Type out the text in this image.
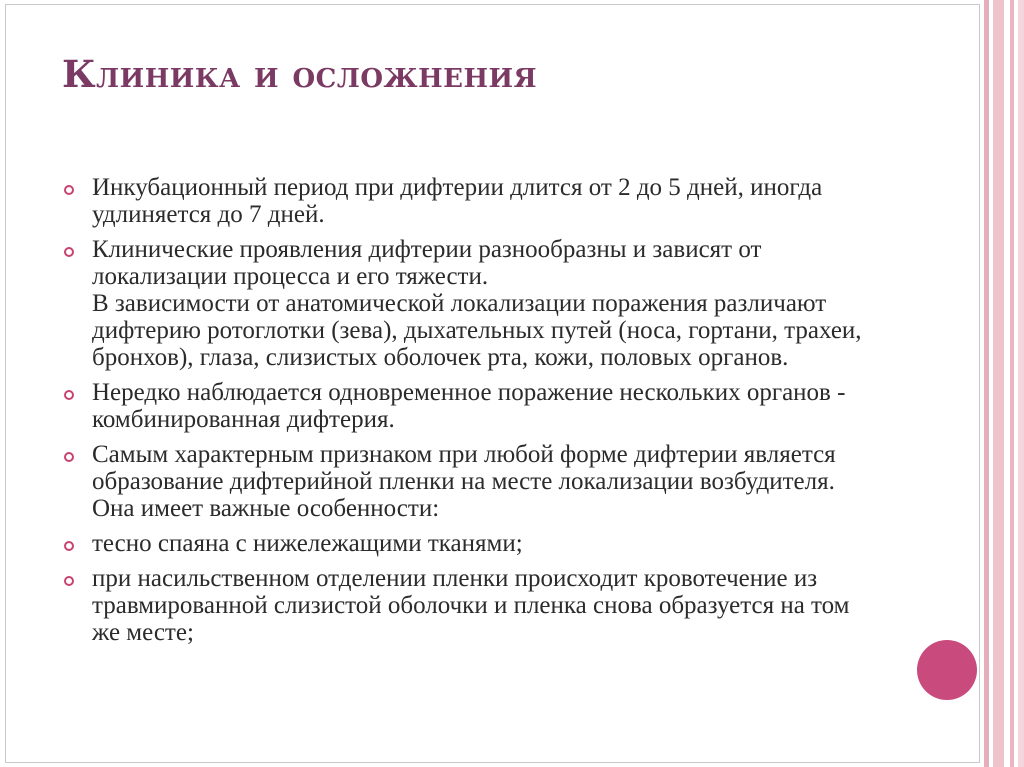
Клиника и осложнения
Инкубационный период при дифтерии длится от 2 до 5 дней, иногда удлиняется до 7 дней.
Клинические проявления дифтерии разнообразны и зависят от локализации процесса и его тяжести.
В зависимости от анатомической локализации поражения различают дифтерию ротоглотки (зева), дыхательных путей (носа, гортани, трахеи, бронхов), глаза, слизистых оболочек рта, кожи, половых органов.
Нередко наблюдается одновременное поражение нескольких органов - комбинированная дифтерия.
Самым характерным признаком при любой форме дифтерии является образование дифтерийной пленки на месте локализации возбудителя. Она имеет важные особенности:
тесно спаяна с нижележащими тканями;
при насильственном отделении пленки происходит кровотечение из травмированной слизистой оболочки и пленка снова образуется на том же месте;
